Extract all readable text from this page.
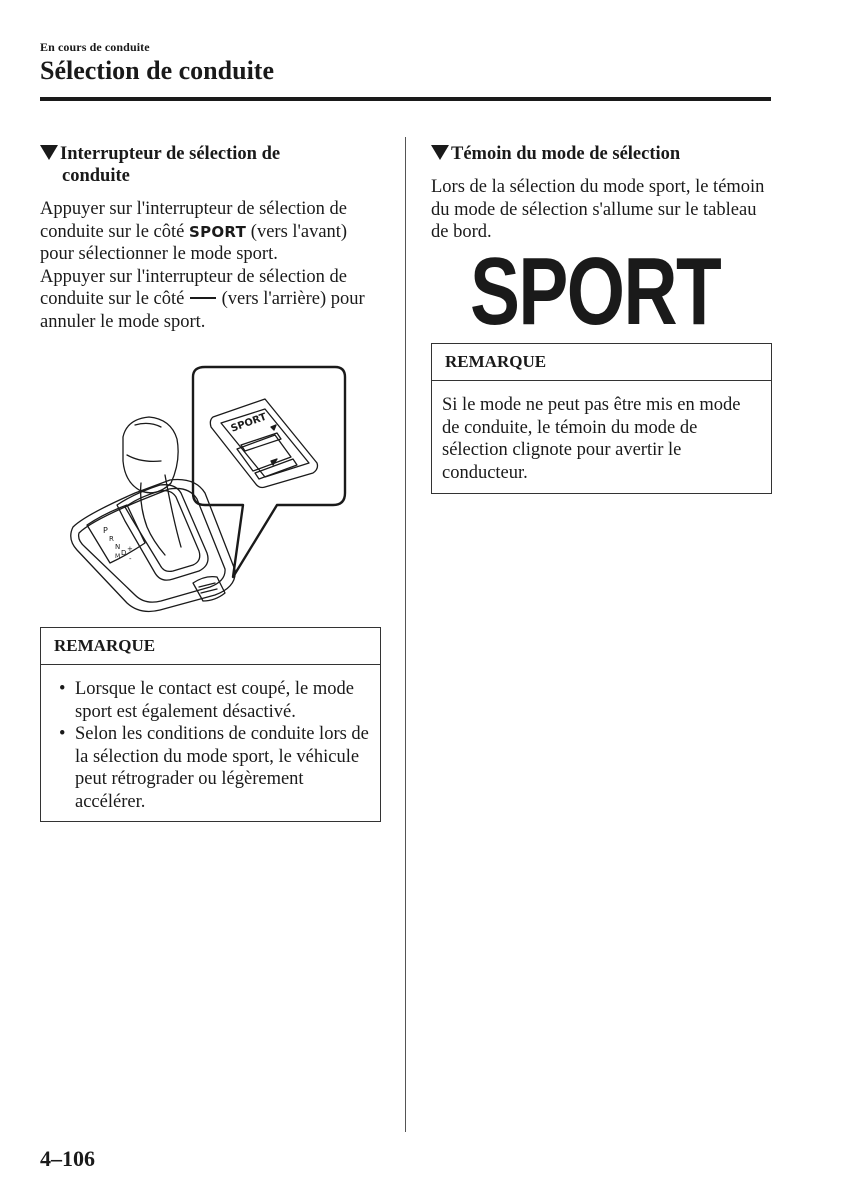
En cours de conduite
Sélection de conduite
Interrupteur de sélection de
conduite

Appuyer sur l'interrupteur de sélection de conduite sur le côté SPORT (vers l'avant) pour sélectionner le mode sport.
Appuyer sur l'interrupteur de sélection de conduite sur le côté  (vers l'arrière) pour annuler le mode sport.

SPORT
P
R
N
D
M
+
-
REMARQUE
• Lorsque le contact est coupé, le mode sport est également désactivé.
• Selon les conditions de conduite lors de la sélection du mode sport, le véhicule peut rétrograder ou légèrement accélérer.
Témoin du mode de sélection

Lors de la sélection du mode sport, le témoin du mode de sélection s'allume sur le tableau de bord.

SPORT
REMARQUE
Si le mode ne peut pas être mis en mode de conduite, le témoin du mode de sélection clignote pour avertir le conducteur.
4–106
